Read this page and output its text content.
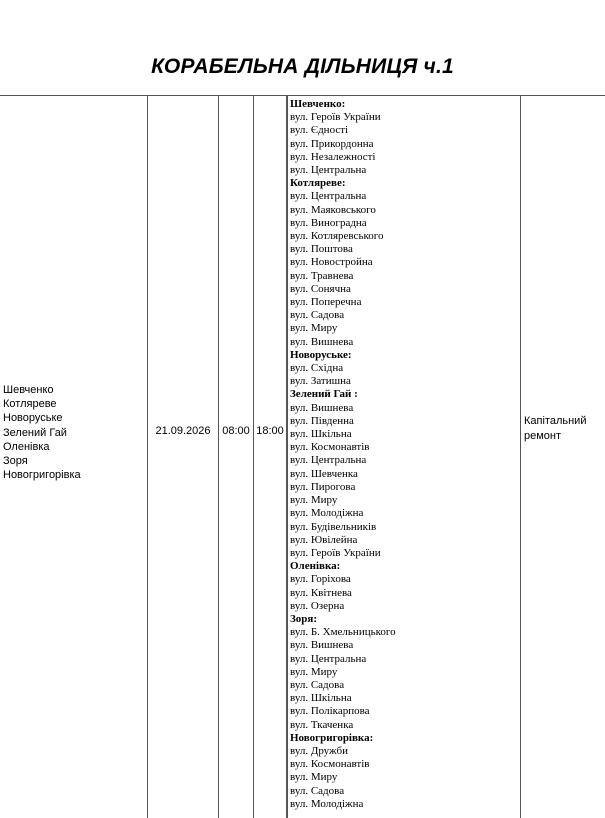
КОРАБЕЛЬНА ДІЛЬНИЦЯ ч.1
Шевченко
Котляреве
Новоруське
Зелений Гай
Оленівка
Зоря
Новогригорівка
21.09.2026	08:00 18:00
Шевченко:
вул. Героїв України
вул. Єдності
вул. Прикордонна
вул. Незалежності
вул. Центральна
Котляреве:
вул. Центральна
вул. Маяковського
вул. Виноградна
вул. Котляревського
вул. Поштова
вул. Новостройна
вул. Травнева
вул. Сонячна
вул. Поперечна
вул. Садова
вул. Миру
вул. Вишнева
Новоруське:
вул. Східна
вул. Затишна
Зелений Гай :
вул. Вишнева
вул. Південна
вул. Шкільна
вул. Космонавтів
вул. Центральна
вул. Шевченка
вул. Пирогова
вул. Миру
вул. Молодіжна
вул. Будівельників
вул. Ювілейна
вул. Героїв України
Оленівка:
вул. Горіхова
вул. Квітнева
вул. Озерна
Зоря:
вул. Б. Хмельницького
вул. Вишнева
вул. Центральна
вул. Миру
вул. Садова
вул. Шкільна
вул. Полікарпова
вул. Ткаченка
Новогригорівка:
вул. Дружби
вул. Космонавтів
вул. Миру
вул. Садова
вул. Молодіжна
Капітальний ремонт
